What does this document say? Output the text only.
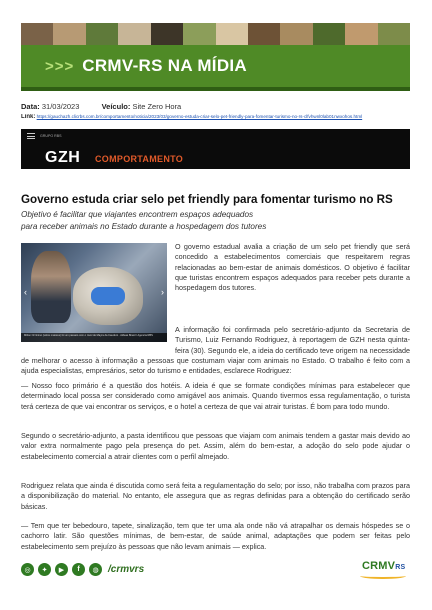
>>> CRMV-RS NA MÍDIA
Data: 31/03/2023	Veículo: Site Zero Hora
Link: https://gauchazh.clicrbs.com.br/comportamento/noticia/2023/03/governo-estuda-criar-selo-pet-friendly-para-fomentar-turismo-no-rs-clfvhwnl0lab01nwxohos.html
GRUPO RBS
GZH COMPORTAMENTO
Governo estuda criar selo pet friendly para fomentar turismo no RS
Objetivo é facilitar que viajantes encontrem espaços adequados
para receber animais no Estado durante a hospedagem dos tutores
‹	›
Milton Orzimino (sobre maiores) foi um passeio com o nível de Mayra da Cauduro · Aldeas Brasil / Agencia RBS

O governo estadual avalia a criação de um selo pet friendly que será concedido a estabelecimentos comerciais que respeitarem regras relacionadas ao bem-estar de animais domésticos. O objetivo é facilitar que turistas encontrem espaços adequados para receber pets durante a hospedagem dos tutores.

A informação foi confirmada pelo secretário-adjunto da Secretaria de Turismo, Luiz Fernando Rodriguez, à reportagem de GZH nesta quinta-feira (30). Segundo ele, a ideia do certificado teve origem na necessidade

— Nosso foco primário é a questão dos hotéis. A ideia é que se formate condições mínimas para estabelecer que determinado local possa ser considerado como amigável aos animais. Quando tivermos essa regulamentação, o turista terá certeza de que vai encontrar os serviços, e o hotel a certeza de que vai atrair turistas. É bom para todo mundo.

Segundo o secretário-adjunto, a pasta identificou que pessoas que viajam com animais tendem a gastar mais devido ao valor extra normalmente pago pela presença do pet. Assim, além do bem-estar, a adoção do selo pode ajudar o estabelecimento comercial a atrair clientes com o perfil almejado.

Rodriguez relata que ainda é discutida como será feita a regulamentação do selo; por isso, não trabalha com prazos para a disponibilização do material. No entanto, ele assegura que as regras definidas para a obtenção do certificado serão básicas.

— Tem que ter bebedouro, tapete, sinalização, tem que ter uma ala onde não vá atrapalhar os demais hóspedes se o cachorro latir. São questões mínimas, de bem-estar, de saúde animal, adaptações que podem ser feitas pelo estabelecimento sem prejuízo às pessoas que não levam animais — explica.

◎	✦	▶	f	◍ /crmvrs	CRMVRS

de melhorar o acesso à informação a pessoas que costumam viajar com animais no Estado. O trabalho é feito com a ajuda especialistas, empresários, setor do turismo e entidades, esclarece Rodriguez:
